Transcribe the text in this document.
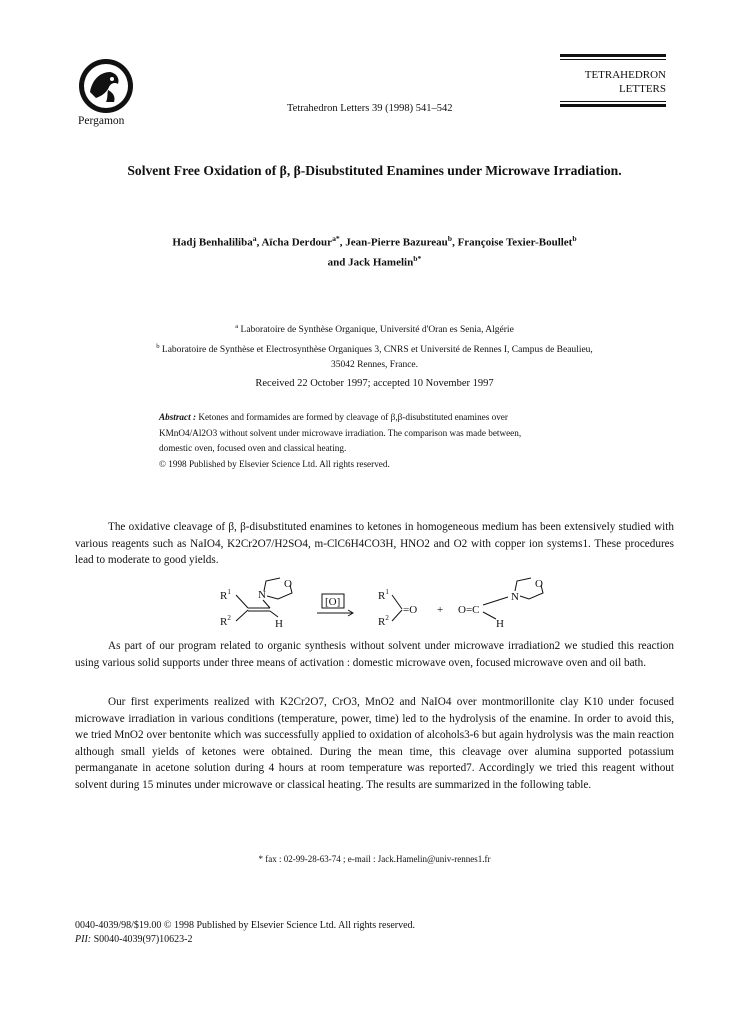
Pergamon
Tetrahedron Letters 39 (1998) 541–542
TETRAHEDRON
LETTERS
Solvent Free Oxidation of β, β-Disubstituted Enamines under Microwave Irradiation.
Hadj Benhaliliba$^a$, Aïcha Derdour$^{a*}$, Jean-Pierre Bazureau$^b$, Françoise Texier-Boullet$^b$
and Jack Hamelin$^{b*}$
$^a$ Laboratoire de Synthèse Organique, Université d'Oran es Senia, Algérie
$^b$ Laboratoire de Synthèse et Electrosynthèse Organiques 3, CNRS et Université de Rennes I, Campus de Beaulieu,
35042 Rennes, France.
Received 22 October 1997; accepted 10 November 1997
Abstract : Ketones and formamides are formed by cleavage of β,β-disubstituted enamines over
KMnO4/Al2O3 without solvent under microwave irradiation. The comparison was made between,
domestic oven, focused oven and classical heating.
© 1998 Published by Elsevier Science Ltd. All rights reserved.
The oxidative cleavage of β, β-disubstituted enamines to ketones in homogeneous medium has been extensively studied with various reagents such as NaIO4, K2Cr2O7/H2SO4, m-ClC6H4CO3H, HNO2 and O2 with copper ion systems1. These procedures lead to moderate to good yields.
$R^1$
$R^2$
N
O
H
[O]	$R^1$
$R^2$
=O + O=C
N
O
H
As part of our program related to organic synthesis without solvent under microwave irradiation2 we studied this reaction using various solid supports under three means of activation : domestic microwave oven, focused microwave oven and oil bath.
Our first experiments realized with K2Cr2O7, CrO3, MnO2 and NaIO4 over montmorillonite clay K10 under focused microwave irradiation in various conditions (temperature, power, time) led to the hydrolysis of the enamine. In order to avoid this, we tried MnO2 over bentonite which was successfully applied to oxidation of alcohols3-6 but again hydrolysis was the main reaction although small yields of ketones were obtained. During the mean time, this cleavage over alumina supported potassium permanganate in acetone solution during 4 hours at room temperature was reported7. Accordingly we tried this reagent without solvent during 15 minutes under microwave or classical heating. The results are summarized in the following table.
* fax : 02-99-28-63-74 ; e-mail : Jack.Hamelin@univ-rennes1.fr
0040-4039/98/$19.00 © 1998 Published by Elsevier Science Ltd. All rights reserved.
PII: S0040-4039(97)10623-2
